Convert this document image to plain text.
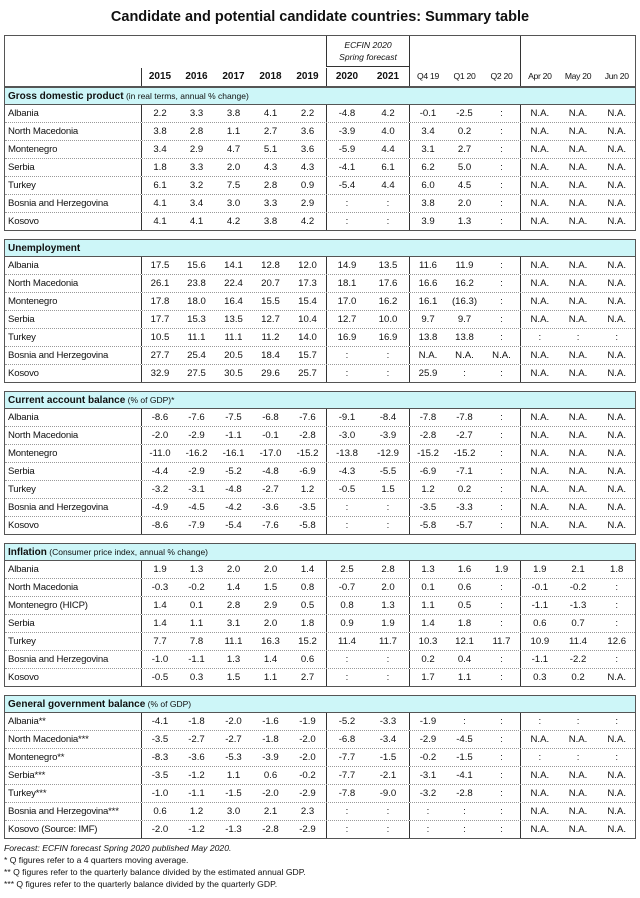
Candidate and potential candidate countries: Summary table
ECFIN 2020
Spring forecast
2015	2016	2017	2018	2019	2020	2021	Q4 19	Q1 20	Q2 20	Apr 20	May 20	Jun 20
Gross domestic product (in real terms, annual % change)
Albania	2.2	3.3	3.8	4.1	2.2	-4.8	4.2	-0.1	-2.5	:	N.A.	N.A.	N.A.
North Macedonia	3.8	2.8	1.1	2.7	3.6	-3.9	4.0	3.4	0.2	:	N.A.	N.A.	N.A.
Montenegro	3.4	2.9	4.7	5.1	3.6	-5.9	4.4	3.1	2.7	:	N.A.	N.A.	N.A.
Serbia	1.8	3.3	2.0	4.3	4.3	-4.1	6.1	6.2	5.0	:	N.A.	N.A.	N.A.
Turkey	6.1	3.2	7.5	2.8	0.9	-5.4	4.4	6.0	4.5	:	N.A.	N.A.	N.A.
Bosnia and Herzegovina	4.1	3.4	3.0	3.3	2.9	:	:	3.8	2.0	:	N.A.	N.A.	N.A.
Kosovo	4.1	4.1	4.2	3.8	4.2	:	:	3.9	1.3	:	N.A.	N.A.	N.A.
Unemployment
Albania	17.5	15.6	14.1	12.8	12.0	14.9	13.5	11.6	11.9	:	N.A.	N.A.	N.A.
North Macedonia	26.1	23.8	22.4	20.7	17.3	18.1	17.6	16.6	16.2	:	N.A.	N.A.	N.A.
Montenegro	17.8	18.0	16.4	15.5	15.4	17.0	16.2	16.1	(16.3)	:	N.A.	N.A.	N.A.
Serbia	17.7	15.3	13.5	12.7	10.4	12.7	10.0	9.7	9.7	:	N.A.	N.A.	N.A.
Turkey	10.5	11.1	11.1	11.2	14.0	16.9	16.9	13.8	13.8	:	:	:	:
Bosnia and Herzegovina	27.7	25.4	20.5	18.4	15.7	:	:	N.A.	N.A.	N.A.	N.A.	N.A.	N.A.
Kosovo	32.9	27.5	30.5	29.6	25.7	:	:	25.9	:	:	N.A.	N.A.	N.A.
Current account balance (% of GDP)*
Albania	-8.6	-7.6	-7.5	-6.8	-7.6	-9.1	-8.4	-7.8	-7.8	:	N.A.	N.A.	N.A.
North Macedonia	-2.0	-2.9	-1.1	-0.1	-2.8	-3.0	-3.9	-2.8	-2.7	:	N.A.	N.A.	N.A.
Montenegro	-11.0	-16.2	-16.1	-17.0	-15.2	-13.8	-12.9	-15.2	-15.2	:	N.A.	N.A.	N.A.
Serbia	-4.4	-2.9	-5.2	-4.8	-6.9	-4.3	-5.5	-6.9	-7.1	:	N.A.	N.A.	N.A.
Turkey	-3.2	-3.1	-4.8	-2.7	1.2	-0.5	1.5	1.2	0.2	:	N.A.	N.A.	N.A.
Bosnia and Herzegovina	-4.9	-4.5	-4.2	-3.6	-3.5	:	:	-3.5	-3.3	:	N.A.	N.A.	N.A.
Kosovo	-8.6	-7.9	-5.4	-7.6	-5.8	:	:	-5.8	-5.7	:	N.A.	N.A.	N.A.
Inflation (Consumer price index, annual % change)
Albania	1.9	1.3	2.0	2.0	1.4	2.5	2.8	1.3	1.6	1.9	1.9	2.1	1.8
North Macedonia	-0.3	-0.2	1.4	1.5	0.8	-0.7	2.0	0.1	0.6	:	-0.1	-0.2	:
Montenegro (HICP)	1.4	0.1	2.8	2.9	0.5	0.8	1.3	1.1	0.5	:	-1.1	-1.3	:
Serbia	1.4	1.1	3.1	2.0	1.8	0.9	1.9	1.4	1.8	:	0.6	0.7	:
Turkey	7.7	7.8	11.1	16.3	15.2	11.4	11.7	10.3	12.1	11.7	10.9	11.4	12.6
Bosnia and Herzegovina	-1.0	-1.1	1.3	1.4	0.6	:	:	0.2	0.4	:	-1.1	-2.2	:
Kosovo	-0.5	0.3	1.5	1.1	2.7	:	:	1.7	1.1	:	0.3	0.2	N.A.
General government balance (% of GDP)
Albania**	-4.1	-1.8	-2.0	-1.6	-1.9	-5.2	-3.3	-1.9	:	:	:	:	:
North Macedonia***	-3.5	-2.7	-2.7	-1.8	-2.0	-6.8	-3.4	-2.9	-4.5	:	N.A.	N.A.	N.A.
Montenegro**	-8.3	-3.6	-5.3	-3.9	-2.0	-7.7	-1.5	-0.2	-1.5	:	:	:	:
Serbia***	-3.5	-1.2	1.1	0.6	-0.2	-7.7	-2.1	-3.1	-4.1	:	N.A.	N.A.	N.A.
Turkey***	-1.0	-1.1	-1.5	-2.0	-2.9	-7.8	-9.0	-3.2	-2.8	:	N.A.	N.A.	N.A.
Bosnia and Herzegovina***	0.6	1.2	3.0	2.1	2.3	:	:	:	:	:	N.A.	N.A.	N.A.
Kosovo (Source: IMF)	-2.0	-1.2	-1.3	-2.8	-2.9	:	:	:	:	:	N.A.	N.A.	N.A.
Forecast: ECFIN forecast Spring 2020 published May 2020.
* Q figures refer to a 4 quarters moving average.
** Q figures refer to the quarterly balance divided by the estimated annual GDP.
*** Q figures refer to the quarterly balance divided by the quarterly GDP.
